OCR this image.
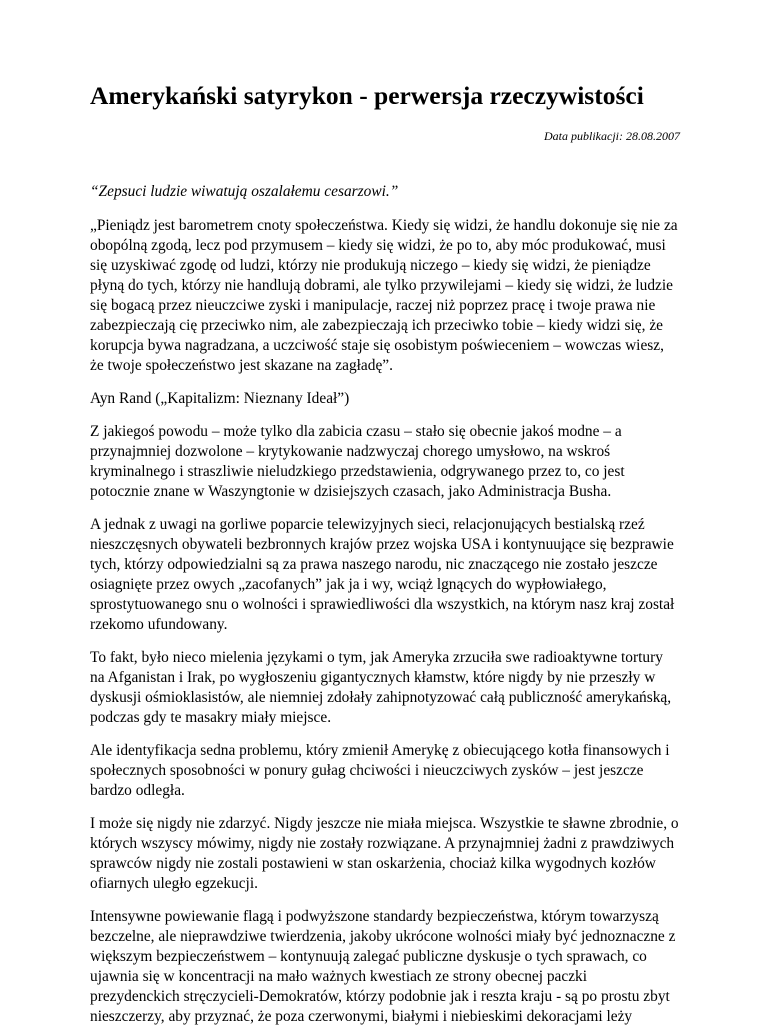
Amerykański satyrykon - perwersja rzeczywistości

Data publikacji: 28.08.2007

“Zepsuci ludzie wiwatują oszalałemu cesarzowi.”

„Pieniądz jest barometrem cnoty społeczeństwa. Kiedy się widzi, że handlu dokonuje się nie za obopólną zgodą, lecz pod przymusem – kiedy się widzi, że po to, aby móc produkować, musi się uzyskiwać zgodę od ludzi, którzy nie produkują niczego – kiedy się widzi, że pieniądze płyną do tych, którzy nie handlują dobrami, ale tylko przywilejami – kiedy się widzi, że ludzie się bogacą przez nieuczciwe zyski i manipulacje, raczej niż poprzez pracę i twoje prawa nie zabezpieczają cię przeciwko nim, ale zabezpieczają ich przeciwko tobie – kiedy widzi się, że korupcja bywa nagradzana, a uczciwość staje się osobistym poświeceniem – wowczas wiesz, że twoje społeczeństwo jest skazane na zagładę”.

Ayn Rand („Kapitalizm: Nieznany Ideał”)

Z jakiegoś powodu – może tylko dla zabicia czasu – stało się obecnie jakoś modne – a przynajmniej dozwolone – krytykowanie nadzwyczaj chorego umysłowo, na wskroś kryminalnego i straszliwie nieludzkiego przedstawienia, odgrywanego przez to, co jest potocznie znane w Waszyngtonie w dzisiejszych czasach, jako Administracja Busha.

A jednak z uwagi na gorliwe poparcie telewizyjnych sieci, relacjonujących bestialską rzeź nieszczęsnych obywateli bezbronnych krajów przez wojska USA i kontynuujące się bezprawie tych, którzy odpowiedzialni są za prawa naszego narodu, nic znaczącego nie zostało jeszcze osiagnięte przez owych „zacofanych” jak ja i wy, wciąż lgnących do wypłowiałego, sprostytuowanego snu o wolności i sprawiedliwości dla wszystkich, na którym nasz kraj został rzekomo ufundowany.

To fakt, było nieco mielenia językami o tym, jak Ameryka zrzuciła swe radioaktywne tortury na Afganistan i Irak, po wygłoszeniu gigantycznych kłamstw, które nigdy by nie przeszły w dyskusji ośmioklasistów, ale niemniej zdołały zahipnotyzować całą publiczność amerykańską, podczas gdy te masakry miały miejsce.

Ale identyfikacja sedna problemu, który zmienił Amerykę z obiecującego kotła finansowych i społecznych sposobności w ponury gułag chciwości i nieuczciwych zysków – jest jeszcze bardzo odległa.

I może się nigdy nie zdarzyć. Nigdy jeszcze nie miała miejsca. Wszystkie te sławne zbrodnie, o których wszyscy mówimy, nigdy nie zostały rozwiązane. A przynajmniej żadni z prawdziwych sprawców nigdy nie zostali postawieni w stan oskarżenia, chociaż kilka wygodnych kozłów ofiarnych uległo egzekucji.

Intensywne powiewanie flagą i podwyższone standardy bezpieczeństwa, którym towarzyszą bezczelne, ale nieprawdziwe twierdzenia, jakoby ukrócone wolności miały być jednoznaczne z większym bezpieczeństwem – kontynuują zalegać publiczne dyskusje o tych sprawach, co ujawnia się w koncentracji na mało ważnych kwestiach ze strony obecnej paczki prezydenckich stręczycieli-Demokratów, którzy podobnie jak i reszta kraju - są po prostu zbyt nieszczerzy, aby przyznać, że poza czerwonymi, białymi i niebieskimi dekoracjami leży
